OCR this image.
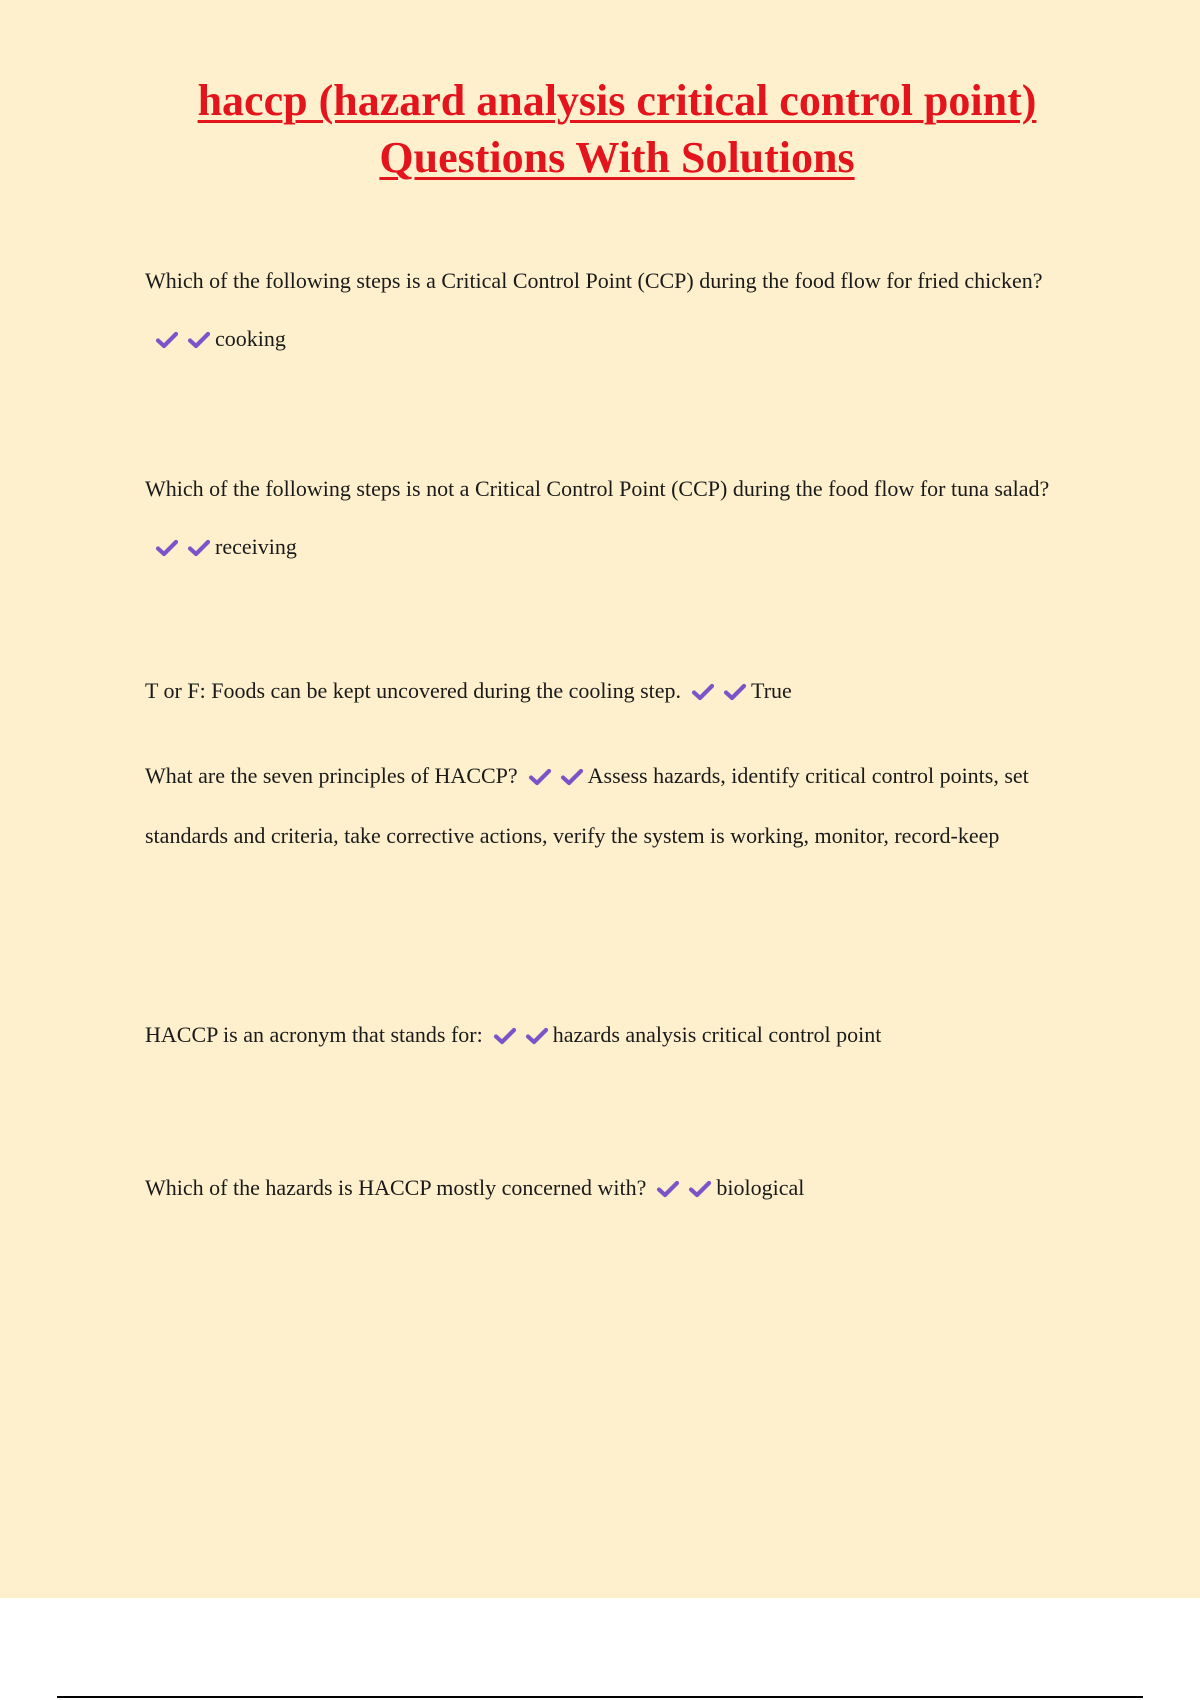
haccp (hazard analysis critical control point)
Questions With Solutions

Which of the following steps is a Critical Control Point (CCP) during the food flow for fried chicken?
cooking

Which of the following steps is not a Critical Control Point (CCP) during the food flow for tuna salad?
receiving

T or F: Foods can be kept uncovered during the cooling step.	True

What are the seven principles of HACCP?	Assess hazards, identify critical control points, set standards and criteria, take corrective actions, verify the system is working, monitor, record-keep

HACCP is an acronym that stands for:	hazards analysis critical control point

Which of the hazards is HACCP mostly concerned with?	biological
